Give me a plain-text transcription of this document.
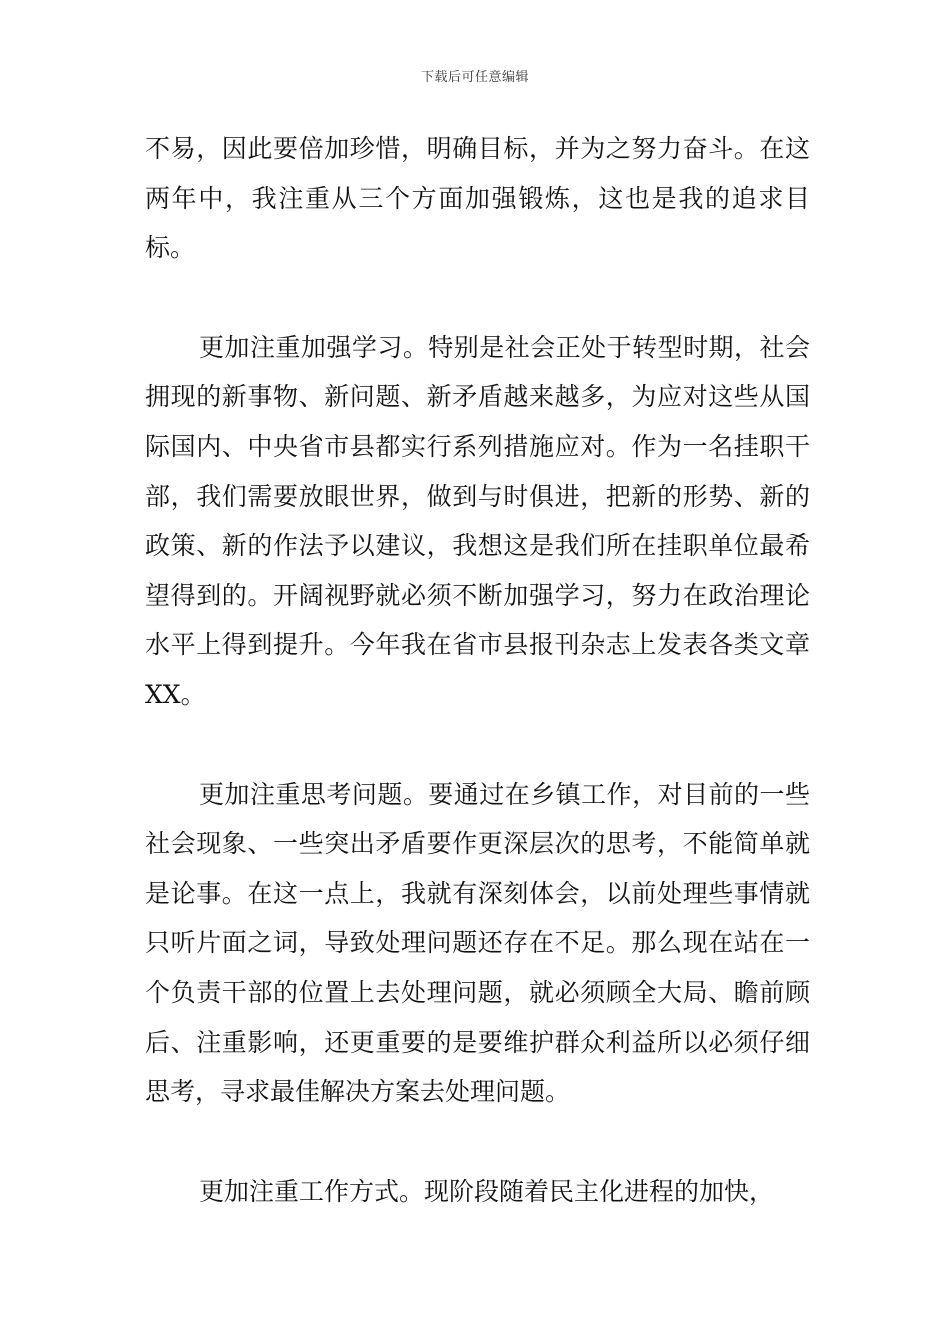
下载后可任意编辑

不易，因此要倍加珍惜，明确目标，并为之努力奋斗。在这两年中，我注重从三个方面加强锻炼，这也是我的追求目标。

更加注重加强学习。特别是社会正处于转型时期，社会拥现的新事物、新问题、新矛盾越来越多，为应对这些从国际国内、中央省市县都实行系列措施应对。作为一名挂职干部，我们需要放眼世界，做到与时俱进，把新的形势、新的政策、新的作法予以建议，我想这是我们所在挂职单位最希望得到的。开阔视野就必须不断加强学习，努力在政治理论水平上得到提升。今年我在省市县报刊杂志上发表各类文章XX。

更加注重思考问题。要通过在乡镇工作，对目前的一些社会现象、一些突出矛盾要作更深层次的思考，不能简单就是论事。在这一点上，我就有深刻体会，以前处理些事情就只听片面之词，导致处理问题还存在不足。那么现在站在一个负责干部的位置上去处理问题，就必须顾全大局、瞻前顾后、注重影响，还更重要的是要维护群众利益所以必须仔细思考，寻求最佳解决方案去处理问题。

更加注重工作方式。现阶段随着民主化进程的加快，
